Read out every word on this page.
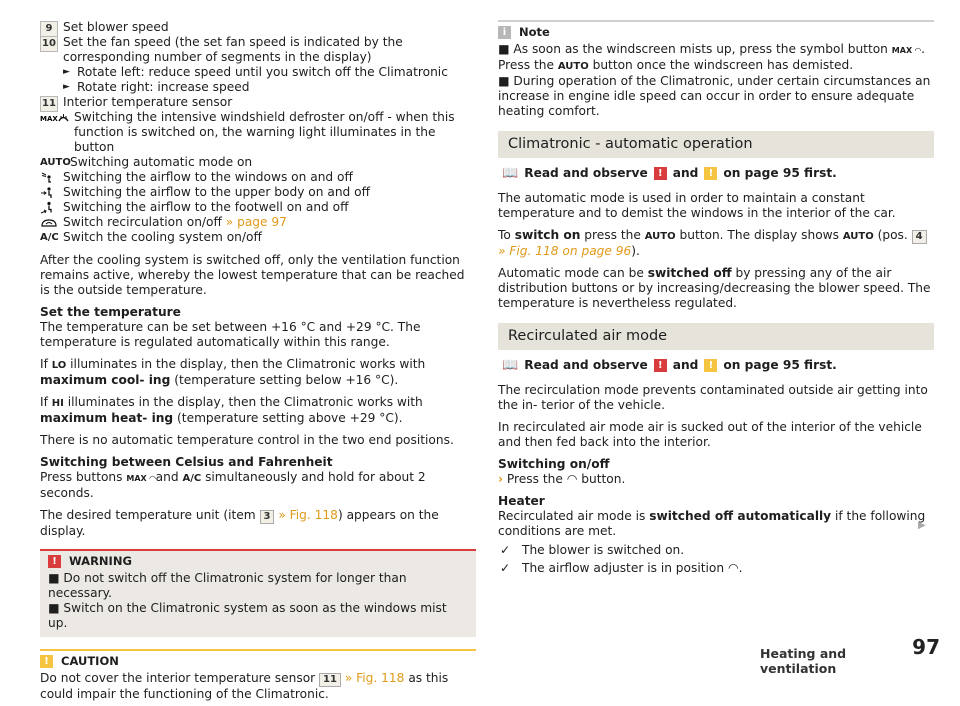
9 Set blower speed
10 Set the fan speed (the set fan speed is indicated by the corresponding number of segments in the display)
► Rotate left: reduce speed until you switch off the Climatronic
► Rotate right: increase speed
11 Interior temperature sensor
MAX Switching the intensive windshield defroster on/off - when this function is switched on, the warning light illuminates in the button
AUTO Switching automatic mode on
Switching the airflow to the windows on and off
Switching the airflow to the upper body on and off
Switching the airflow to the footwell on and off
Switch recirculation on/off » page 97
A/C Switch the cooling system on/off

After the cooling system is switched off, only the ventilation function remains active, whereby the lowest temperature that can be reached is the outside temperature.

Set the temperature
The temperature can be set between +16 °C and +29 °C. The temperature is regulated automatically within this range.

If LO illuminates in the display, then the Climatronic works with maximum cool- ing (temperature setting below +16 °C).

If HI illuminates in the display, then the Climatronic works with maximum heat- ing (temperature setting above +29 °C).

There is no automatic temperature control in the two end positions.

Switching between Celsius and Fahrenheit
Press buttons MAX ◠and A/C simultaneously and hold for about 2 seconds.

The desired temperature unit (item 3 » Fig. 118) appears on the display.

!	WARNING
■ Do not switch off the Climatronic system for longer than necessary.
■ Switch on the Climatronic system as soon as the windows mist up.
!	CAUTION
Do not cover the interior temperature sensor 11 » Fig. 118 as this could impair the functioning of the Climatronic.
i	Note
■ As soon as the windscreen mists up, press the symbol button MAX ◠. Press the AUTO button once the windscreen has demisted.
■ During operation of the Climatronic, under certain circumstances an increase in engine idle speed can occur in order to ensure adequate heating comfort.
Climatronic - automatic operation
📖 Read and observe	! and	! on page 95 first.

The automatic mode is used in order to maintain a constant temperature and to demist the windows in the interior of the car.

To switch on press the AUTO button. The display shows AUTO (pos. 4 » Fig. 118 on page 96).

Automatic mode can be switched off by pressing any of the air distribution buttons or by increasing/decreasing the blower speed. The temperature is nevertheless regulated.

Recirculated air mode
📖 Read and observe	! and	! on page 95 first.

The recirculation mode prevents contaminated outside air getting into the in- terior of the vehicle.

In recirculated air mode air is sucked out of the interior of the vehicle and then fed back into the interior.

Switching on/off
› Press the ◠ button.

Heater
Recirculated air mode is switched off automatically if the following conditions are met.

✓ The blower is switched on.
✓ The airflow adjuster is in position ◠.
▶
Heating and ventilation
97
